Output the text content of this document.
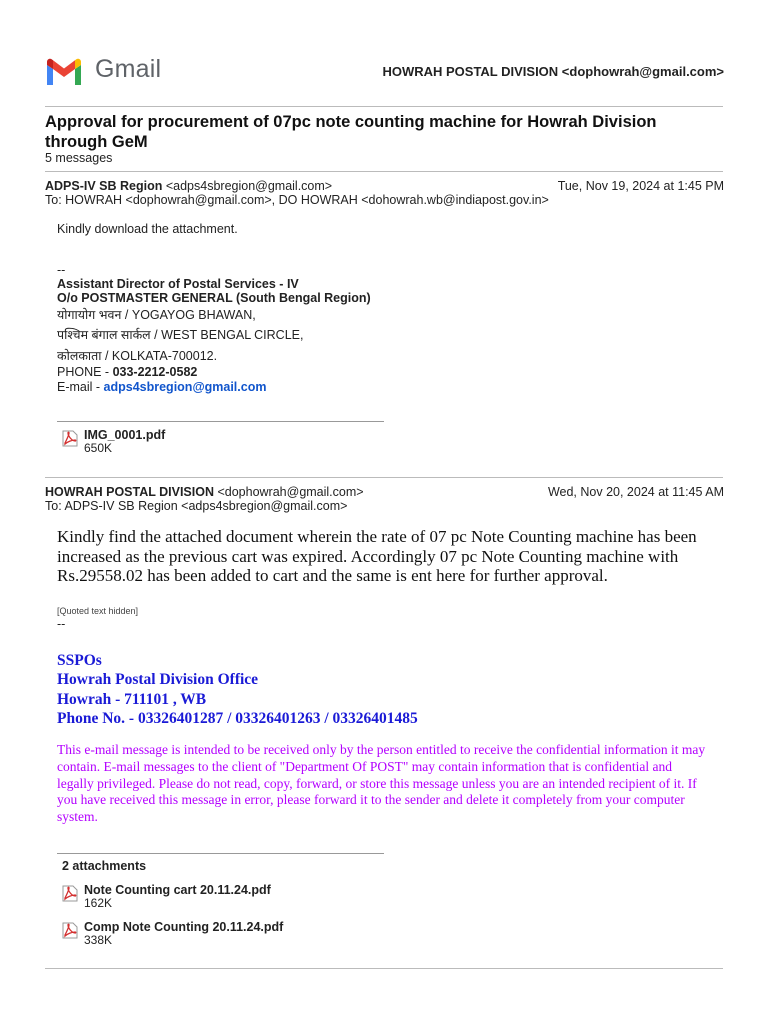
Gmail	HOWRAH POSTAL DIVISION <dophowrah@gmail.com>
Approval for procurement of 07pc note counting machine for Howrah Division through GeM
5 messages
ADPS-IV SB Region <adps4sbregion@gmail.com>	Tue, Nov 19, 2024 at 1:45 PM
To: HOWRAH <dophowrah@gmail.com>, DO HOWRAH <dohowrah.wb@indiapost.gov.in>
Kindly download the attachment.
--
Assistant Director of Postal Services - IV
O/o POSTMASTER GENERAL (South Bengal Region)
योगायोग भवन / YOGAYOG BHAWAN,
पश्चिम बंगाल सार्कल / WEST BENGAL CIRCLE,
कोलकाता / KOLKATA-700012.
PHONE - 033-2212-0582
E-mail - adps4sbregion@gmail.com
IMG_0001.pdf
650K
HOWRAH POSTAL DIVISION <dophowrah@gmail.com>	Wed, Nov 20, 2024 at 11:45 AM
To: ADPS-IV SB Region <adps4sbregion@gmail.com>
Kindly find the attached document wherein the rate of 07 pc Note Counting machine has been increased as the previous cart was expired. Accordingly 07 pc Note Counting machine with Rs.29558.02 has been added to cart and the same is ent here for further approval.
[Quoted text hidden]
--
SSPOs
Howrah Postal Division Office
Howrah - 711101 , WB
Phone No. - 03326401287 / 03326401263 / 03326401485
This e-mail message is intended to be received only by the person entitled to receive the confidential information it may contain. E-mail messages to the client of "Department Of POST" may contain information that is confidential and legally privileged. Please do not read, copy, forward, or store this message unless you are an intended recipient of it. If you have received this message in error, please forward it to the sender and delete it completely from your computer system.
2 attachments
Note Counting cart 20.11.24.pdf
162K
Comp Note Counting 20.11.24.pdf
338K
